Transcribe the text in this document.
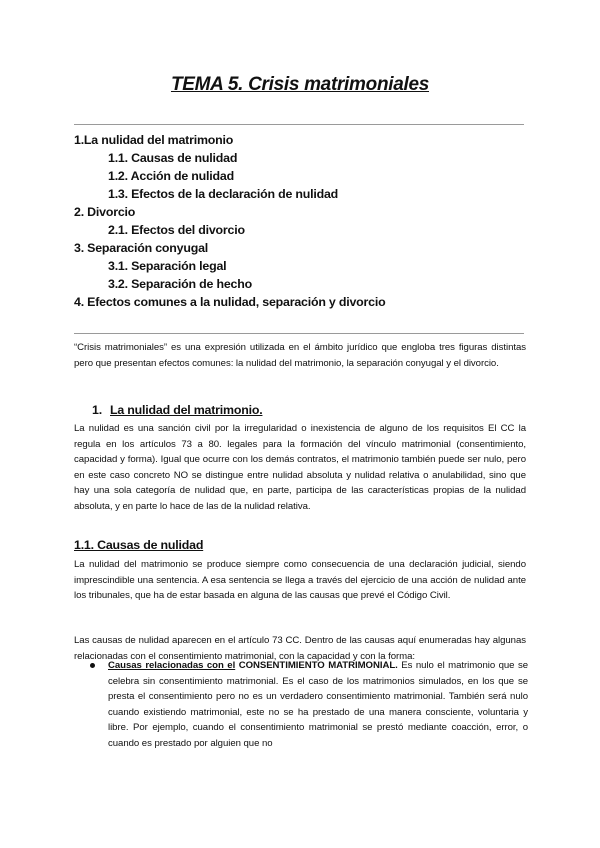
TEMA 5. Crisis matrimoniales
1.La nulidad del matrimonio
1.1. Causas de nulidad
1.2. Acción de nulidad
1.3. Efectos de la declaración de nulidad
2. Divorcio
2.1. Efectos del divorcio
3. Separación conyugal
3.1. Separación legal
3.2. Separación de hecho
4. Efectos comunes a la nulidad, separación y divorcio
“Crisis matrimoniales” es una expresión utilizada en el ámbito jurídico que engloba tres figuras distintas pero que presentan efectos comunes: la nulidad del matrimonio, la separación conyugal y el divorcio.
1. La nulidad del matrimonio.
La nulidad es una sanción civil por la irregularidad o inexistencia de alguno de los requisitos El CC la regula en los artículos 73 a 80. legales para la formación del vínculo matrimonial (consentimiento, capacidad y forma). Igual que ocurre con los demás contratos, el matrimonio también puede ser nulo, pero en este caso concreto NO se distingue entre nulidad absoluta y nulidad relativa o anulabilidad, sino que hay una sola categoría de nulidad que, en parte, participa de las características propias de la nulidad absoluta, y en parte lo hace de las de la nulidad relativa.
1.1. Causas de nulidad
La nulidad del matrimonio se produce siempre como consecuencia de una declaración judicial, siendo imprescindible una sentencia. A esa sentencia se llega a través del ejercicio de una acción de nulidad ante los tribunales, que ha de estar basada en alguna de las causas que prevé el Código Civil.
Las causas de nulidad aparecen en el artículo 73 CC. Dentro de las causas aquí enumeradas hay algunas relacionadas con el consentimiento matrimonial, con la capacidad y con la forma:
Causas relacionadas con el CONSENTIMIENTO MATRIMONIAL. Es nulo el matrimonio que se celebra sin consentimiento matrimonial. Es el caso de los matrimonios simulados, en los que se presta el consentimiento pero no es un verdadero consentimiento matrimonial. También será nulo cuando existiendo matrimonial, este no se ha prestado de una manera consciente, voluntaria y libre. Por ejemplo, cuando el consentimiento matrimonial se prestó mediante coacción, error, o cuando es prestado por alguien que no
